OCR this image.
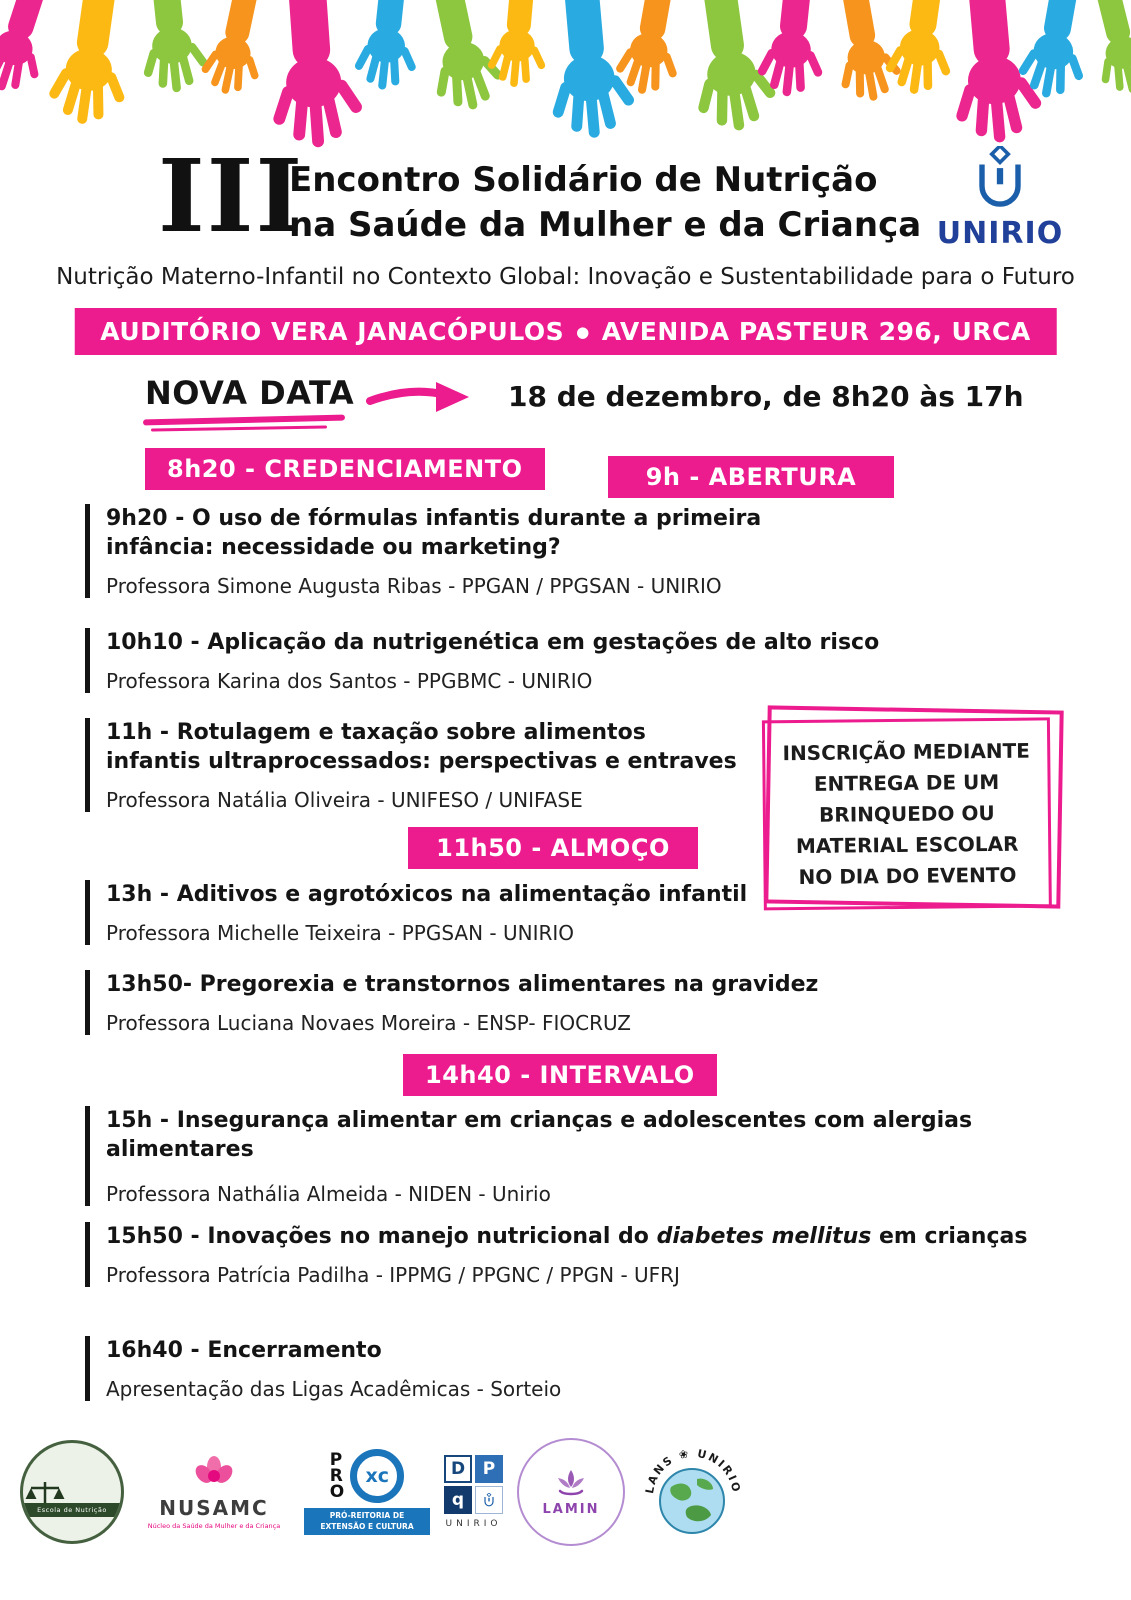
III
Encontro Solidário de Nutrição
na Saúde da Mulher e da Criança UNIRIO
Nutrição Materno-Infantil no Contexto Global: Inovação e Sustentabilidade para o Futuro
AUDITÓRIO VERA JANACÓPULOS ● AVENIDA PASTEUR 296, URCA
NOVA DATA	18 de dezembro, de 8h20 às 17h
8h20 - CREDENCIAMENTO	9h - ABERTURA
11h50 - ALMOÇO
14h40 - INTERVALO
9h20 - O uso de fórmulas infantis durante a primeira infância: necessidade ou marketing?
Professora Simone Augusta Ribas - PPGAN / PPGSAN - UNIRIO
10h10 - Aplicação da nutrigenética em gestações de alto risco
Professora Karina dos Santos - PPGBMC - UNIRIO
11h - Rotulagem e taxação sobre alimentos infantis ultraprocessados: perspectivas e entraves
Professora Natália Oliveira - UNIFESO / UNIFASE
13h - Aditivos e agrotóxicos na alimentação infantil
Professora Michelle Teixeira - PPGSAN - UNIRIO
13h50- Pregorexia e transtornos alimentares na gravidez
Professora Luciana Novaes Moreira - ENSP- FIOCRUZ
15h - Insegurança alimentar em crianças e adolescentes com alergias alimentares
Professora Nathália Almeida - NIDEN - Unirio
15h50 - Inovações no manejo nutricional do diabetes mellitus em crianças
Professora Patrícia Padilha - IPPMG / PPGNC / PPGN - UFRJ
16h40 - Encerramento
Apresentação das Ligas Acadêmicas - Sorteio
INSCRIÇÃO MEDIANTE
ENTREGA DE UM
BRINQUEDO OU
MATERIAL ESCOLAR
NO DIA DO EVENTO
Escola de Nutrição	NUSAMC
Núcleo da Saúde da Mulher e da Criança
P
R
O
xc
PRÓ-REITORIA DE
EXTENSÃO E CULTURA
D	P
q
UNIRIO
LAMIN
LANS ❀ UNIRIO
